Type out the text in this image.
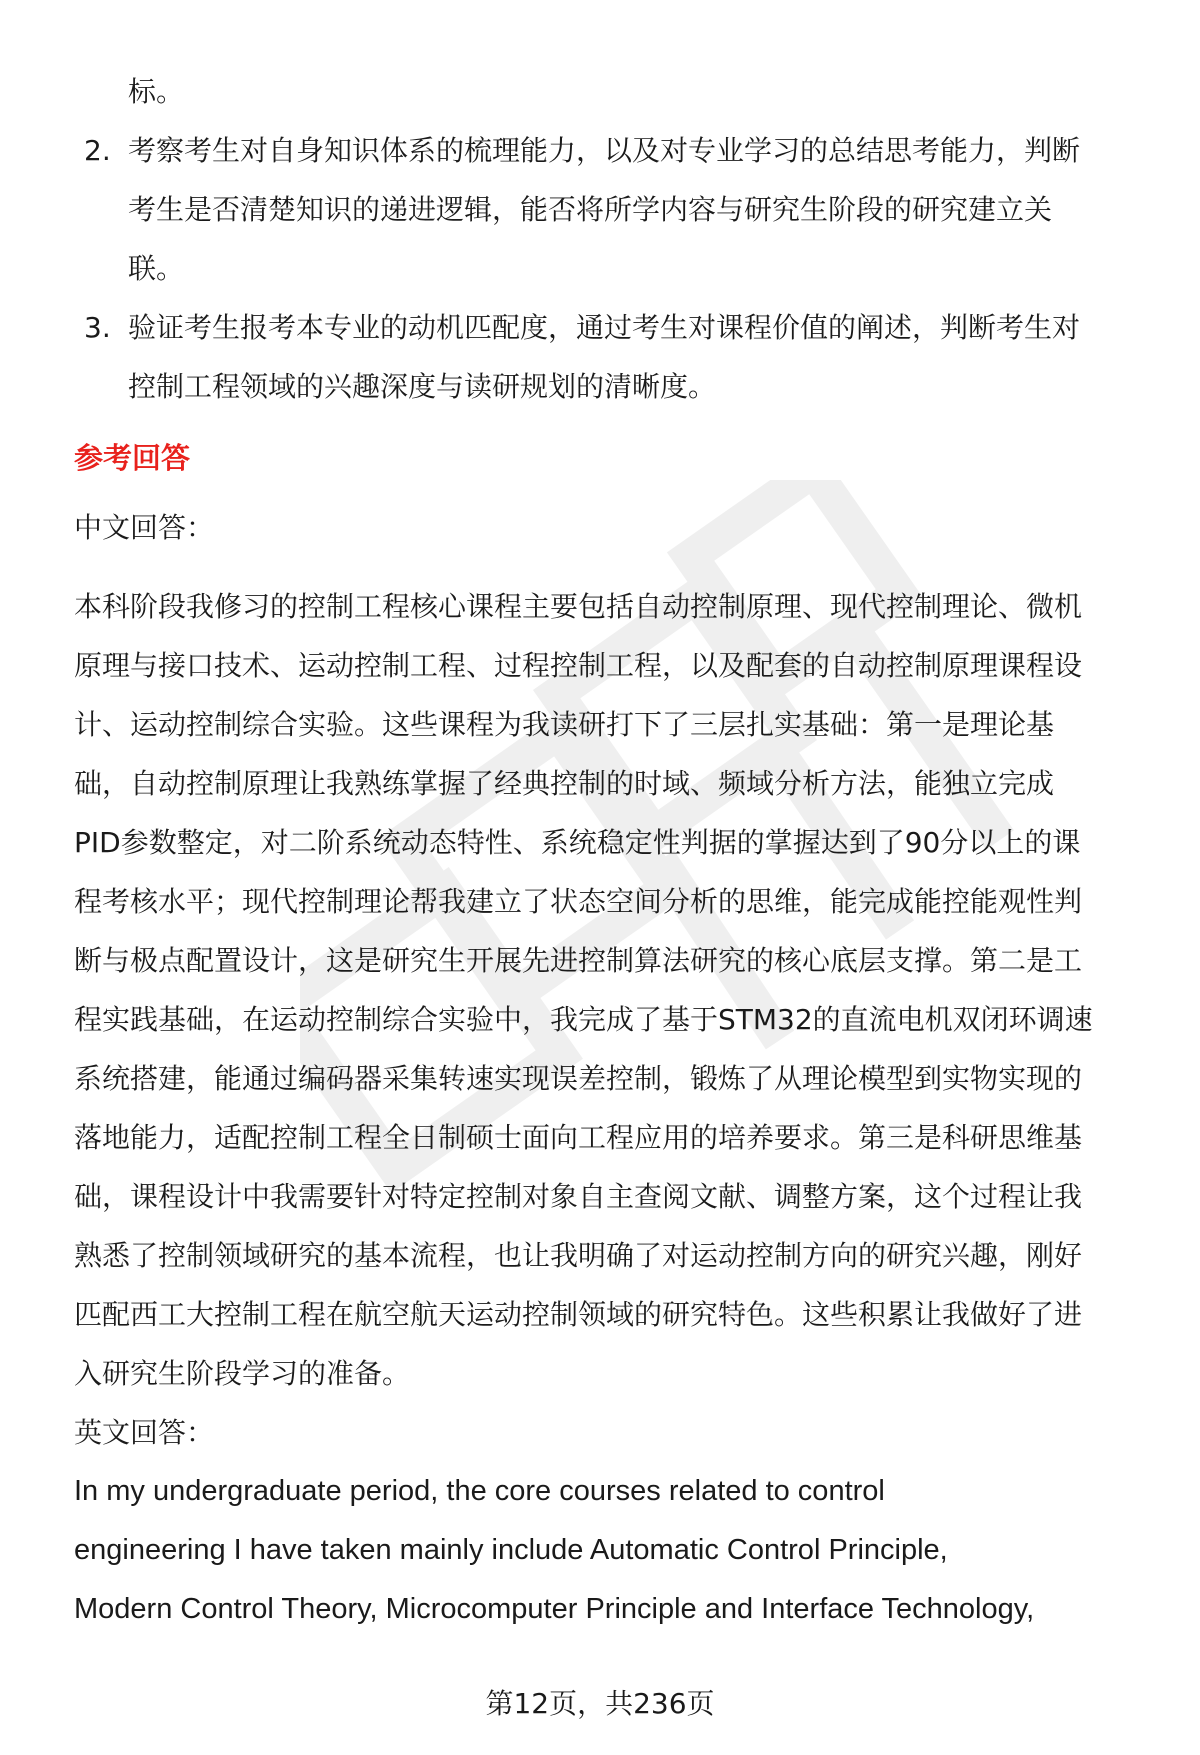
标。
2. 考察考生对自身知识体系的梳理能力，以及对专业学习的总结思考能力，判断
考生是否清楚知识的递进逻辑，能否将所学内容与研究生阶段的研究建立关
联。
3. 验证考生报考本专业的动机匹配度，通过考生对课程价值的阐述，判断考生对
控制工程领域的兴趣深度与读研规划的清晰度。
参考回答
中文回答：
本科阶段我修习的控制工程核心课程主要包括自动控制原理、现代控制理论、微机
原理与接口技术、运动控制工程、过程控制工程，以及配套的自动控制原理课程设
计、运动控制综合实验。这些课程为我读研打下了三层扎实基础：第一是理论基
础，自动控制原理让我熟练掌握了经典控制的时域、频域分析方法，能独立完成
PID参数整定，对二阶系统动态特性、系统稳定性判据的掌握达到了90分以上的课
程考核水平；现代控制理论帮我建立了状态空间分析的思维，能完成能控能观性判
断与极点配置设计，这是研究生开展先进控制算法研究的核心底层支撑。第二是工
程实践基础，在运动控制综合实验中，我完成了基于STM32的直流电机双闭环调速
系统搭建，能通过编码器采集转速实现误差控制，锻炼了从理论模型到实物实现的
落地能力，适配控制工程全日制硕士面向工程应用的培养要求。第三是科研思维基
础，课程设计中我需要针对特定控制对象自主查阅文献、调整方案，这个过程让我
熟悉了控制领域研究的基本流程，也让我明确了对运动控制方向的研究兴趣，刚好
匹配西工大控制工程在航空航天运动控制领域的研究特色。这些积累让我做好了进
入研究生阶段学习的准备。
英文回答：
In my undergraduate period, the core courses related to control
engineering I have taken mainly include Automatic Control Principle,
Modern Control Theory, Microcomputer Principle and Interface Technology,
第12页，共236页
